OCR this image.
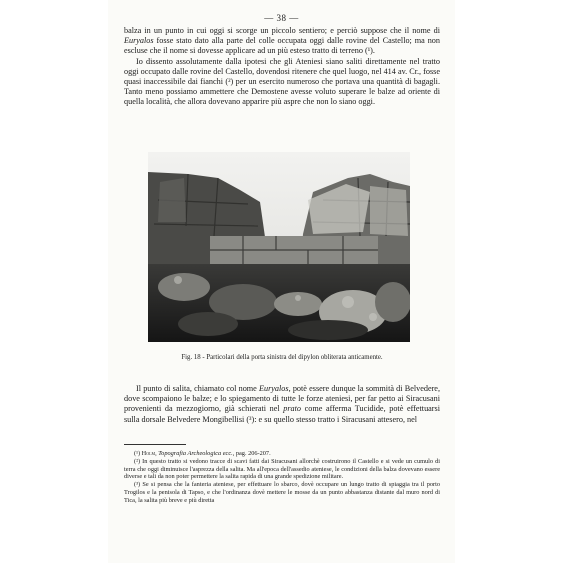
— 38 —

balza in un punto in cui oggi si scorge un piccolo sentiero; e perciò suppose che il nome di Euryalos fosse stato dato alla parte del colle occupata oggi dalle rovine del Castello; ma non escluse che il nome si dovesse applicare ad un più esteso tratto di terreno (¹).

Io dissento assolutamente dalla ipotesi che gli Ateniesi siano saliti direttamente nel tratto oggi occupato dalle rovine del Castello, dovendosi ritenere che quel luogo, nel 414 av. Cr., fosse quasi inaccessibile dai fianchi (²) per un esercito numeroso che portava una quantità di bagagli. Tanto meno possiamo ammettere che Demostene avesse voluto superare le balze ad oriente di quella località, che allora dovevano apparire più aspre che non lo siano oggi.

Fig. 18 - Particolari della porta sinistra del dipylon obliterata anticamente.

Il punto di salita, chiamato col nome Euryalos, potè essere dunque la sommità di Belvedere, dove scompaiono le balze; e lo spiegamento di tutte le forze ateniesi, per far petto ai Siracusani provenienti da mezzogiorno, già schierati nel prato come afferma Tucidide, potè effettuarsi sulla dorsale Belvedere Mongibellisi (³): e su quello stesso tratto i Siracusani attesero, nel

(¹) Holm, Topografia Archeologica ecc., pag. 206-207.

(²) In questo tratto si vedono tracce di scavi fatti dai Siracusani allorchè costruirono il Castello e si vede un cumulo di terra che oggi diminuisce l'asprezza della salita. Ma all'epoca dell'assedio ateniese, le condizioni della balza dovevano essere diverse e tali da non poter permettere la salita rapida di una grande spedizione militare.

(³) Se si pensa che la fanteria ateniese, per effettuare lo sbarco, dovè occupare un lungo tratto di spiaggia tra il porto Trogilos e la penisola di Tapso, e che l'ordinanza dovè mettere le mosse da un punto abbastanza distante dal muro nord di Tica, la salita più breve e più diretta
